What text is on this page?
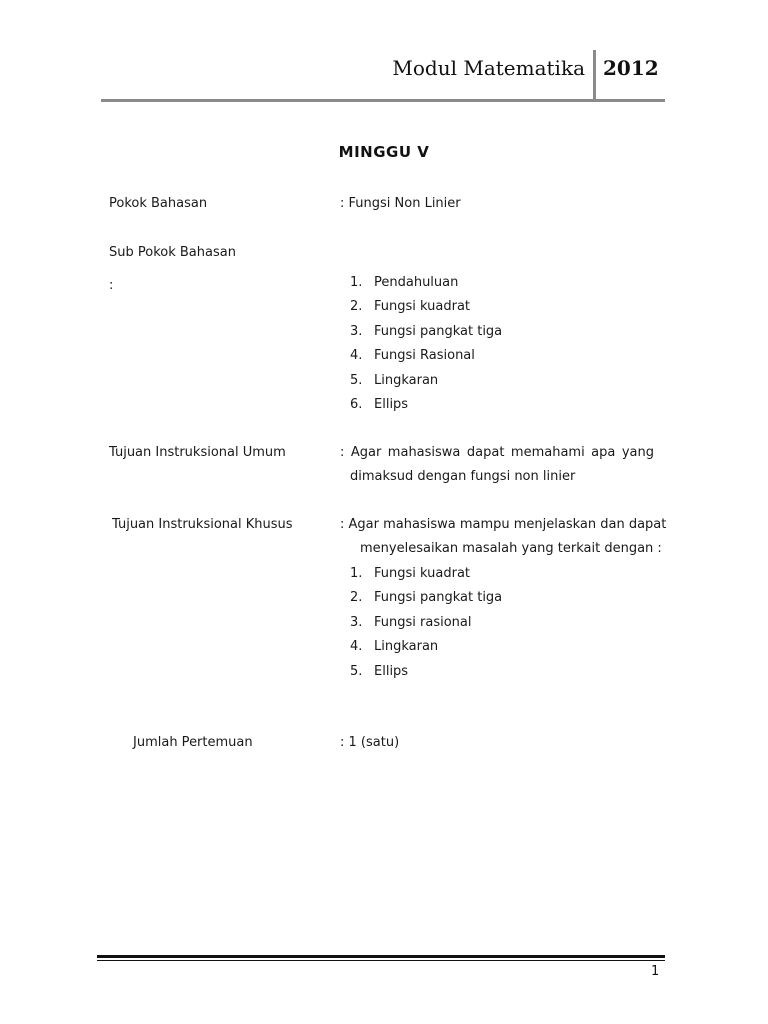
Modul Matematika 2012
MINGGU V
Pokok Bahasan	: Fungsi Non Linier
Sub Pokok Bahasan
:	1. Pendahuluan
2. Fungsi kuadrat
3. Fungsi pangkat tiga
4. Fungsi Rasional
5. Lingkaran
6. Ellips
Tujuan Instruksional Umum	: Agar mahasiswa dapat memahami apa yang
dimaksud dengan fungsi non linier
Tujuan Instruksional Khusus	: Agar mahasiswa mampu menjelaskan dan dapat
menyelesaikan masalah yang terkait dengan :
1. Fungsi kuadrat
2. Fungsi pangkat tiga
3. Fungsi rasional
4. Lingkaran
5. Ellips
Jumlah Pertemuan	: 1 (satu)
1
